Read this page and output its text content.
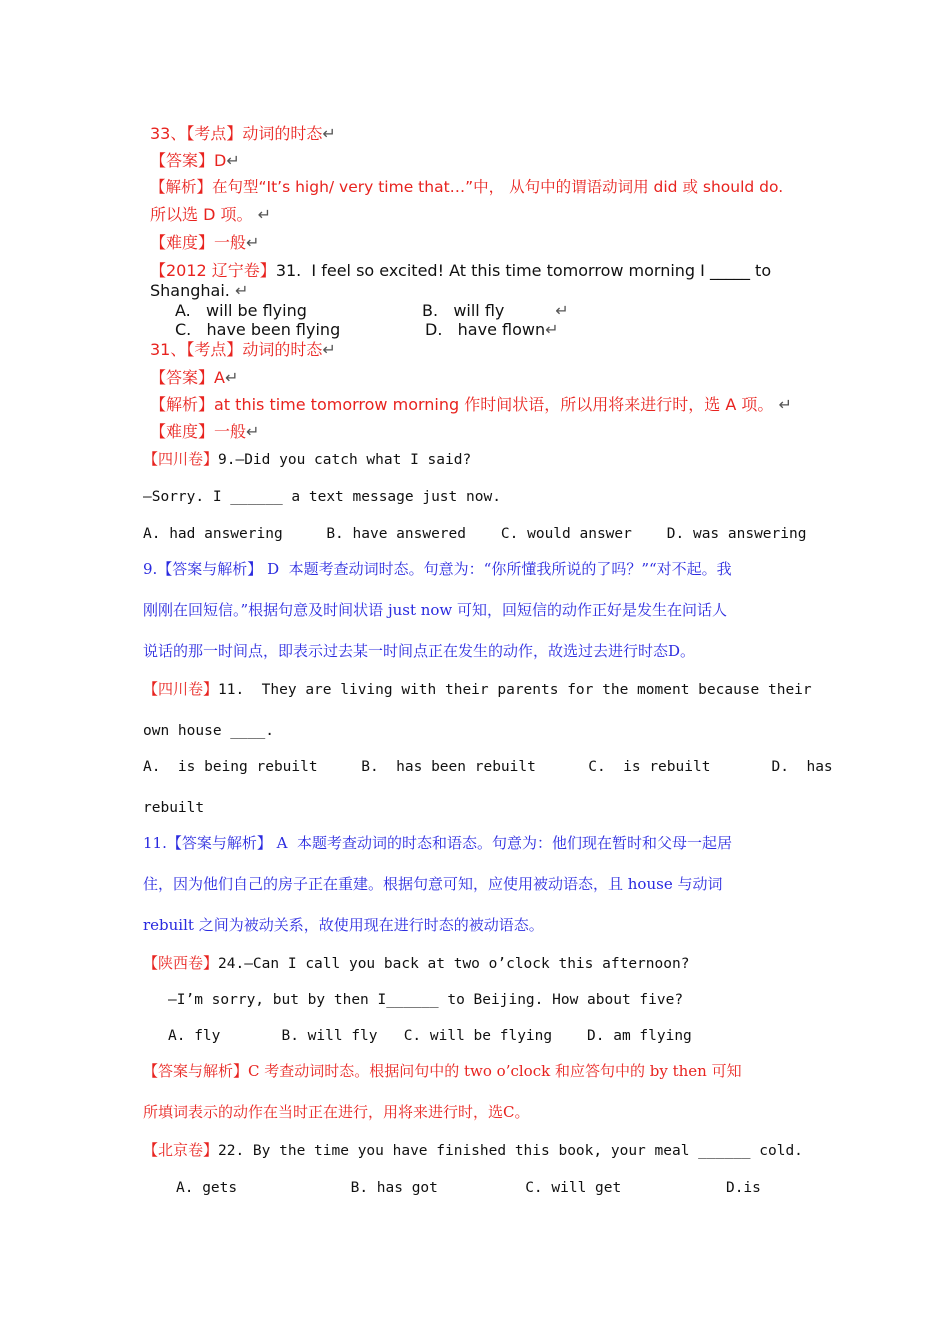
33、【考点】动词的时态↵
【答案】D↵
【解析】在句型“It’s high/ very time that…”中， 从句中的谓语动词用 did 或 should do.
所以选 D 项。 ↵
【难度】一般↵
【2012 辽宁卷】31.  I feel so excited! At this time tomorrow morning I _____ to
Shanghai. ↵
A.   will be flying	B.   will fly	↵
C.   have been flying	D.   have flown↵
31、【考点】动词的时态↵
【答案】A↵
【解析】at this time tomorrow morning 作时间状语，所以用将来进行时，选 A 项。 ↵
【难度】一般↵
【四川卷】9.—Did you catch what I said?
—Sorry. I ______ a text message just now.
A. had answering     B. have answered    C. would answer    D. was answering
9.【答案与解析】 D  本题考查动词时态。句意为：“你所懂我所说的了吗？”“对不起。我
刚刚在回短信。”根据句意及时间状语 just now 可知，回短信的动作正好是发生在问话人
说话的那一时间点，即表示过去某一时间点正在发生的动作，故选过去进行时态D。
【四川卷】11.  They are living with their parents for the moment because their
own house ____.
A.  is being rebuilt     B.  has been rebuilt      C.  is rebuilt       D.  has
rebuilt
11.【答案与解析】 A  本题考查动词的时态和语态。句意为：他们现在暂时和父母一起居
住，因为他们自己的房子正在重建。根据句意可知，应使用被动语态，且 house 与动词
rebuilt 之间为被动关系，故使用现在进行时态的被动语态。
【陕西卷】24.—Can I call you back at two o’clock this afternoon?
—I’m sorry, but by then I______ to Beijing. How about five?
A. fly       B. will fly   C. will be flying    D. am flying
【答案与解析】C 考查动词时态。根据问句中的 two o’clock 和应答句中的 by then 可知
所填词表示的动作在当时正在进行，用将来进行时，选C。
【北京卷】22. By the time you have finished this book, your meal ______ cold.
A. gets             B. has got          C. will get            D.is
